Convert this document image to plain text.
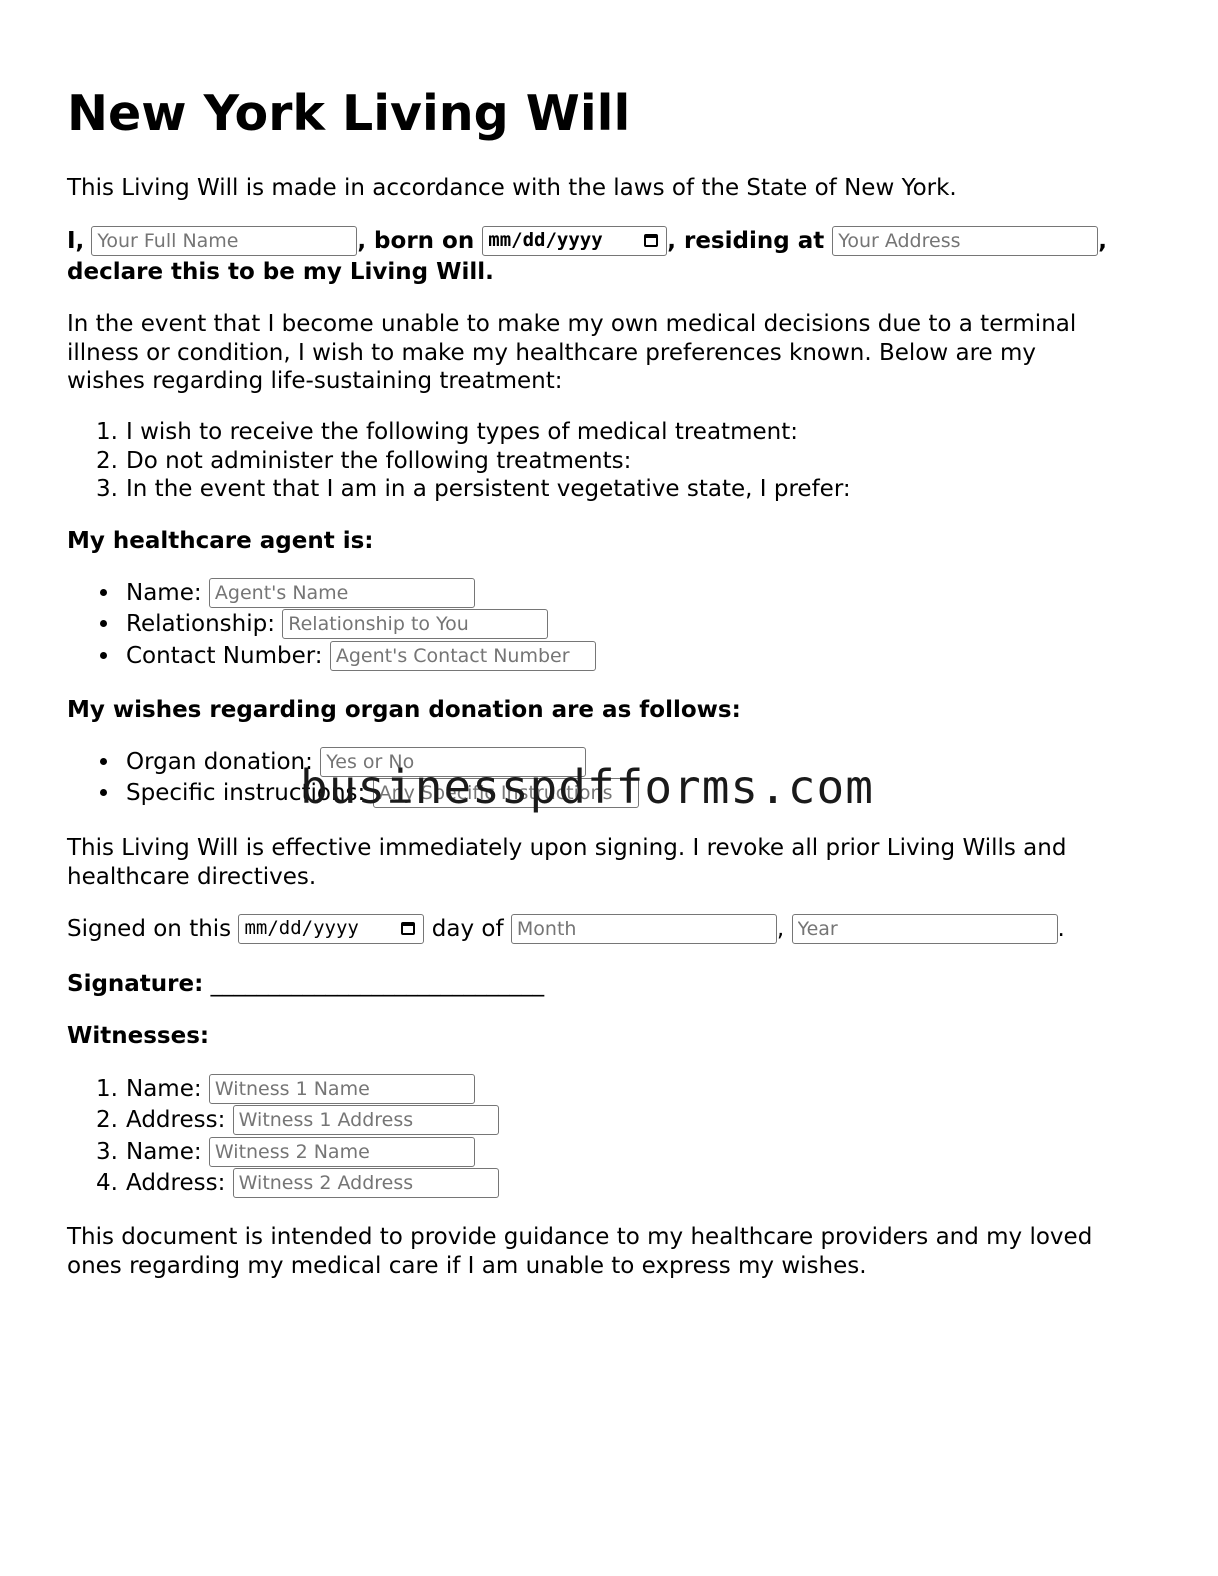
New York Living Will

This Living Will is made in accordance with the laws of the State of New York.

I, Your Full Name	, born on mm/dd/yyyy	, residing at Your Address	,

declare this to be my Living Will.

In the event that I become unable to make my own medical decisions due to a terminal

illness or condition, I wish to make my healthcare preferences known. Below are my

wishes regarding life-sustaining treatment:

1. I wish to receive the following types of medical treatment:
2. Do not administer the following treatments:
3. In the event that I am in a persistent vegetative state, I prefer:

My healthcare agent is:

Name: Agent's Name
Relationship: Relationship to You
Contact Number: Agent's Contact Number

My wishes regarding organ donation are as follows:

Organ donation: Yes or No
Specific instructions: Any Specific Instructions

This Living Will is effective immediately upon signing. I revoke all prior Living Wills and

healthcare directives.

Signed on this mm/dd/yyyy	day of Month	, Year	.

Signature: _____________________________

Witnesses:

1. Name: Witness 1 Name
2. Address: Witness 1 Address
3. Name: Witness 2 Name
4. Address: Witness 2 Address

This document is intended to provide guidance to my healthcare providers and my loved

ones regarding my medical care if I am unable to express my wishes.

businesspdfforms.com
